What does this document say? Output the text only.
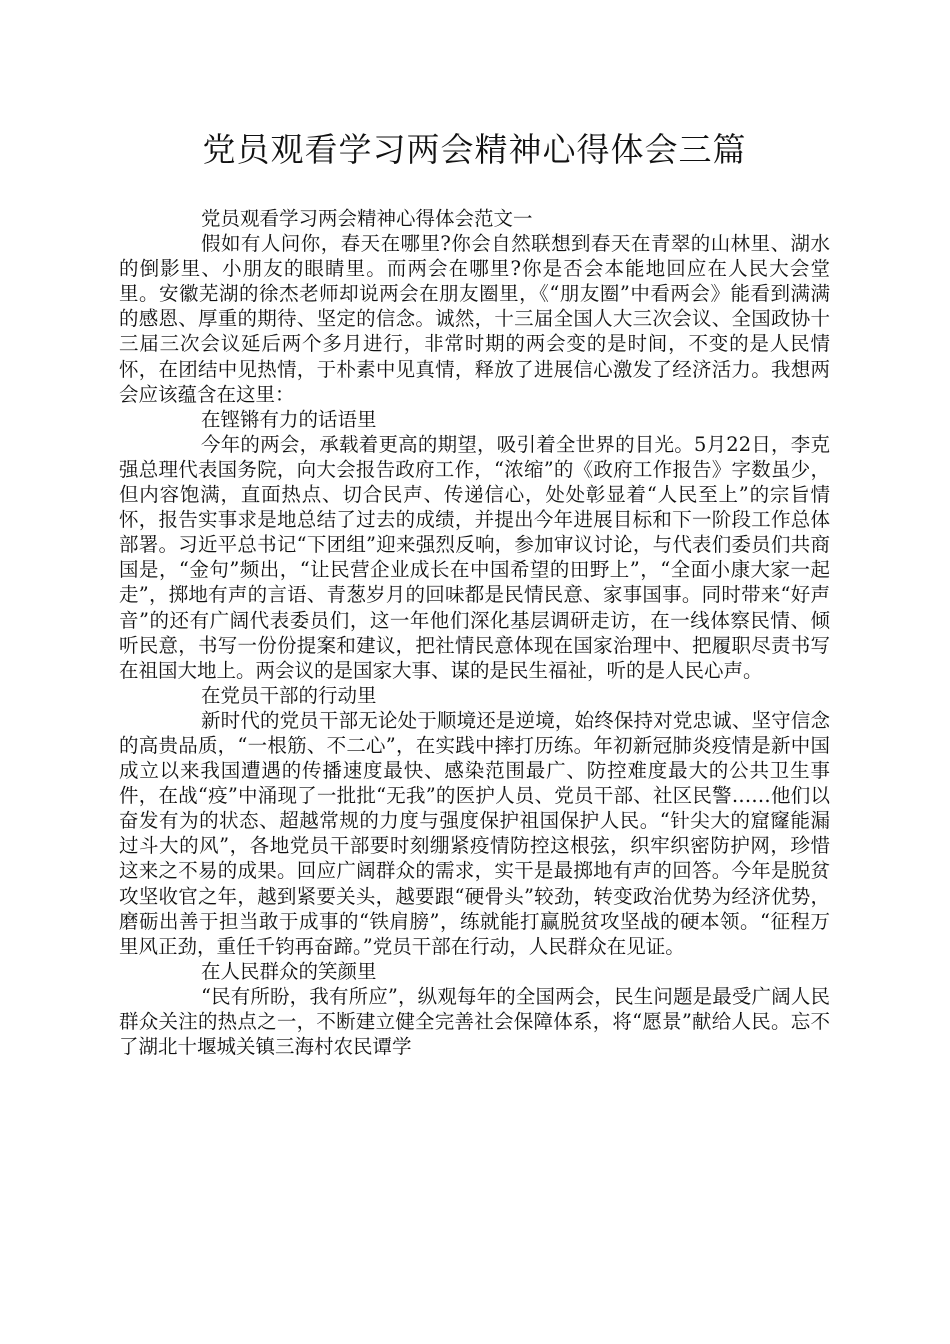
党员观看学习两会精神心得体会三篇

党员观看学习两会精神心得体会范文一

假如有人问你，春天在哪里?你会自然联想到春天在青翠的山林里、湖水的倒影里、小朋友的眼睛里。而两会在哪里?你是否会本能地回应在人民大会堂里。安徽芜湖的徐杰老师却说两会在朋友圈里，《“朋友圈”中看两会》能看到满满的感恩、厚重的期待、坚定的信念。诚然，十三届全国人大三次会议、全国政协十三届三次会议延后两个多月进行，非常时期的两会变的是时间，不变的是人民情怀，在团结中见热情，于朴素中见真情，释放了进展信心激发了经济活力。我想两会应该蕴含在这里：

在铿锵有力的话语里

今年的两会，承载着更高的期望，吸引着全世界的目光。5月22日，李克强总理代表国务院，向大会报告政府工作，“浓缩”的《政府工作报告》字数虽少，但内容饱满，直面热点、切合民声、传递信心，处处彰显着“人民至上”的宗旨情怀，报告实事求是地总结了过去的成绩，并提出今年进展目标和下一阶段工作总体部署。习近平总书记“下团组”迎来强烈反响，参加审议讨论，与代表们委员们共商国是，“金句”频出，“让民营企业成长在中国希望的田野上”，“全面小康大家一起走”，掷地有声的言语、青葱岁月的回味都是民情民意、家事国事。同时带来“好声音”的还有广阔代表委员们，这一年他们深化基层调研走访，在一线体察民情、倾听民意，书写一份份提案和建议，把社情民意体现在国家治理中、把履职尽责书写在祖国大地上。两会议的是国家大事、谋的是民生福祉，听的是人民心声。

在党员干部的行动里

新时代的党员干部无论处于顺境还是逆境，始终保持对党忠诚、坚守信念的高贵品质，“一根筋、不二心”，在实践中摔打历练。年初新冠肺炎疫情是新中国成立以来我国遭遇的传播速度最快、感染范围最广、防控难度最大的公共卫生事件，在战“疫”中涌现了一批批“无我”的医护人员、党员干部、社区民警……他们以奋发有为的状态、超越常规的力度与强度保护祖国保护人民。“针尖大的窟窿能漏过斗大的风”，各地党员干部要时刻绷紧疫情防控这根弦，织牢织密防护网，珍惜这来之不易的成果。回应广阔群众的需求，实干是最掷地有声的回答。今年是脱贫攻坚收官之年，越到紧要关头，越要跟“硬骨头”较劲，转变政治优势为经济优势，磨砺出善于担当敢于成事的“铁肩膀”，练就能打赢脱贫攻坚战的硬本领。“征程万里风正劲，重任千钧再奋蹄。”党员干部在行动，人民群众在见证。

在人民群众的笑颜里

“民有所盼，我有所应”，纵观每年的全国两会，民生问题是最受广阔人民群众关注的热点之一，不断建立健全完善社会保障体系，将“愿景”献给人民。忘不了湖北十堰城关镇三海村农民谭学
